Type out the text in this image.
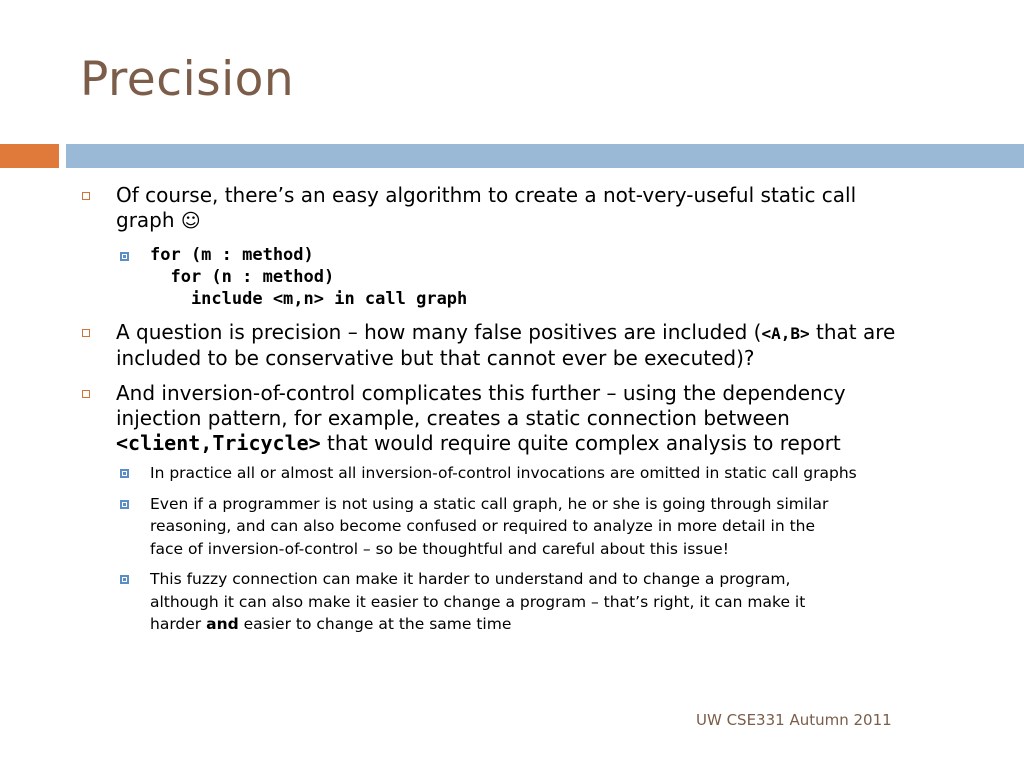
Precision
Of course, there’s an easy algorithm to create a not-very-useful static call
graph ☺
for (m : method)
for (n : method)
include <m,n> in call graph
A question is precision – how many false positives are included (<A,B> that are
included to be conservative but that cannot ever be executed)?
And inversion-of-control complicates this further – using the dependency
injection pattern, for example, creates a static connection between
<client,Tricycle> that would require quite complex analysis to report
In practice all or almost all inversion-of-control invocations are omitted in static call graphs
Even if a programmer is not using a static call graph, he or she is going through similar
reasoning, and can also become confused or required to analyze in more detail in the
face of inversion-of-control – so be thoughtful and careful about this issue!
This fuzzy connection can make it harder to understand and to change a program,
although it can also make it easier to change a program – that’s right, it can make it
harder and easier to change at the same time
UW CSE331 Autumn 2011
